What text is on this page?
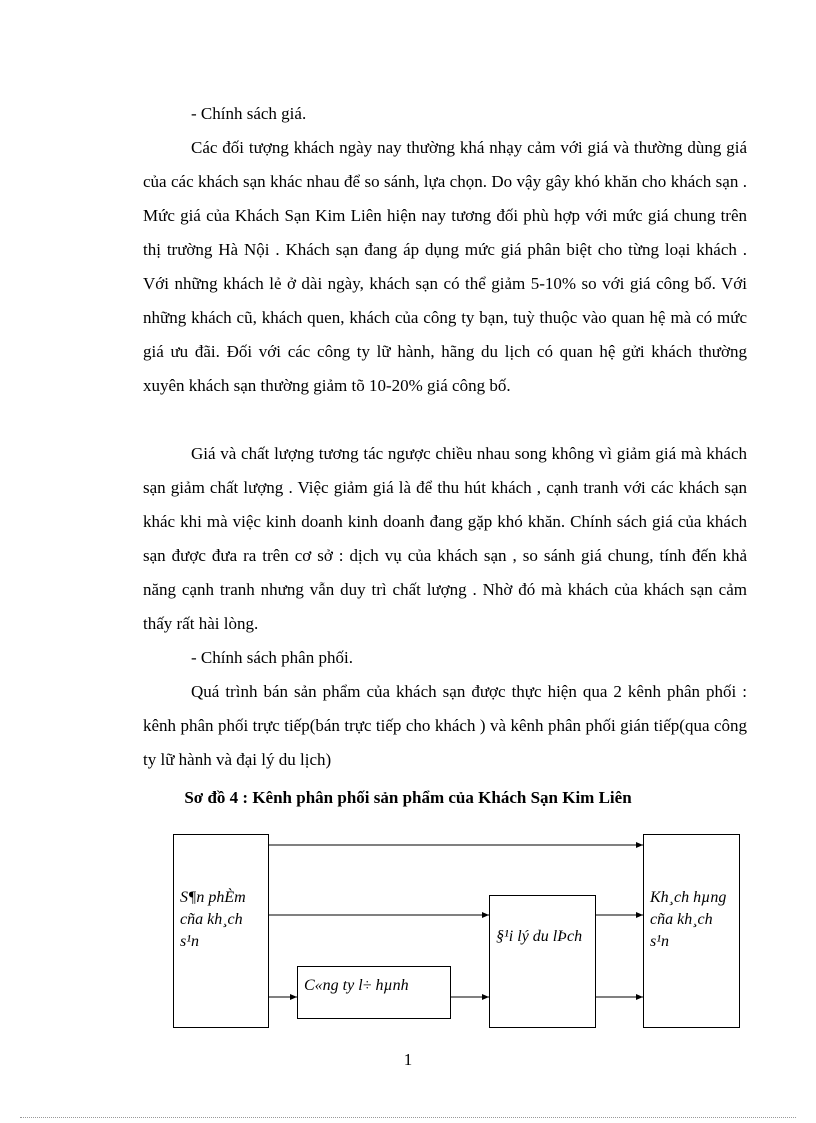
- Chính sách giá.

Các đối tượng khách ngày nay thường khá nhạy cảm với giá và thường dùng giá của các khách sạn khác nhau để so sánh, lựa chọn. Do vậy gây khó khăn cho khách sạn . Mức giá của Khách Sạn Kim Liên hiện nay tương đối phù hợp với mức giá chung trên thị trường Hà Nội . Khách sạn đang áp dụng mức giá phân biệt cho từng loại khách . Với những khách lẻ ở dài ngày, khách sạn có thể giảm 5-10% so với giá công bố. Với những khách cũ, khách quen, khách của công ty bạn, tuỳ thuộc vào quan hệ mà có mức giá ưu đãi. Đối với các công ty lữ hành, hãng du lịch có quan hệ gửi khách thường xuyên khách sạn thường giảm tõ 10-20% giá công bố.

Giá và chất lượng tương tác ngược chiều nhau song không vì giảm giá mà khách sạn giảm chất lượng . Việc giảm giá là để thu hút khách , cạnh tranh với các khách sạn khác khi mà việc kinh doanh kinh doanh đang gặp khó khăn. Chính sách giá của khách sạn được đưa ra trên cơ sở : dịch vụ của khách sạn , so sánh giá chung, tính đến khả năng cạnh tranh nhưng vẫn duy trì chất lượng . Nhờ đó mà khách của khách sạn cảm thấy rất hài lòng.

- Chính sách phân phối.

Quá trình bán sản phẩm của khách sạn được thực hiện qua 2 kênh phân phối : kênh phân phối trực tiếp(bán trực tiếp cho khách ) và kênh phân phối gián tiếp(qua công ty lữ hành và đại lý du lịch)

Sơ đồ 4 : Kênh phân phối sản phẩm của Khách Sạn Kim Liên

S¶n phÈm cña kh¸ch s¹n	§¹i lý du lÞch
C«ng ty l÷ hµnh
Kh¸ch hµng cña kh¸ch s¹n
1
